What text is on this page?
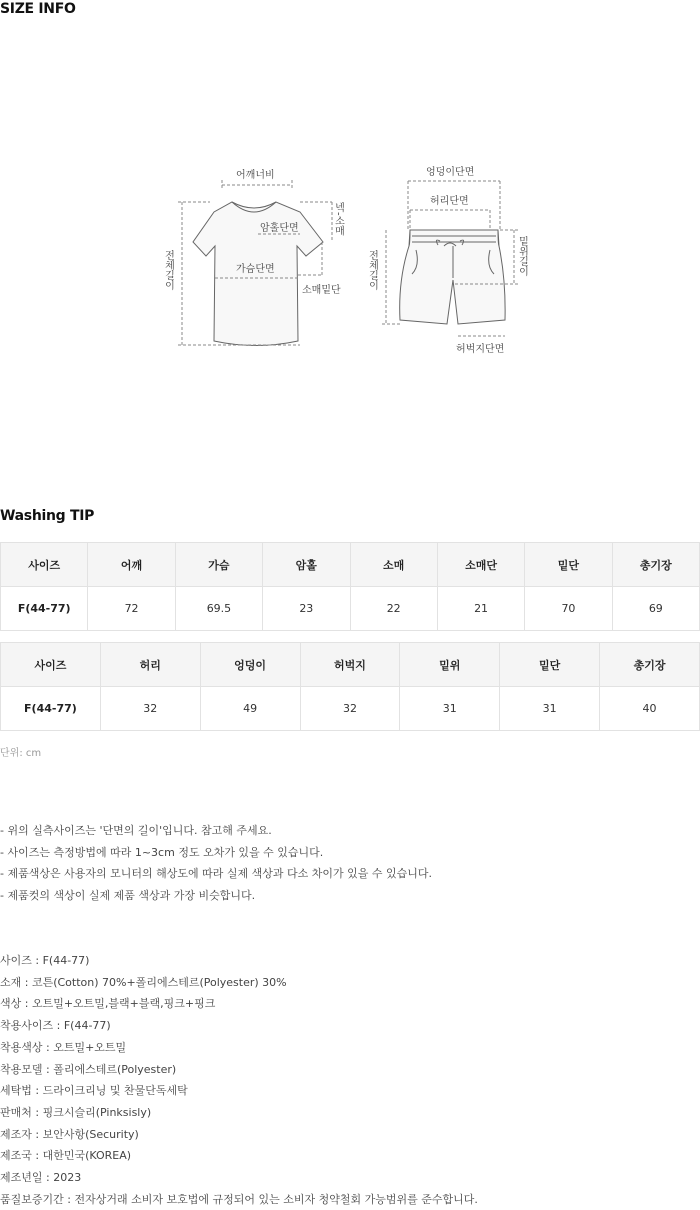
SIZE INFO
어깨너비
암홀단면	넥-소매
가슴단면
전체길이
소매밑단
엉덩이단면
허리단면
전체길이	밑위길이
허벅지단면
Washing TIP
사이즈	어깨	가슴	암홀	소매	소매단	밑단	총기장
F(44-77)	72	69.5	23	22	21	70	69
사이즈	허리	엉덩이	허벅지	밑위	밑단	총기장
F(44-77)	32	49	32	31	31	40
단위: cm
- 위의 실측사이즈는 '단면의 길이'입니다. 참고해 주세요.
- 사이즈는 측정방법에 따라 1~3cm 정도 오차가 있을 수 있습니다.
- 제품색상은 사용자의 모니터의 해상도에 따라 실제 색상과 다소 차이가 있을 수 있습니다.
- 제품컷의 색상이 실제 제품 색상과 가장 비슷합니다.
사이즈 : F(44-77)
소재 : 코튼(Cotton) 70%+폴리에스테르(Polyester) 30%
색상 : 오트밀+오트밀,블랙+블랙,핑크+핑크
착용사이즈 : F(44-77)
착용색상 : 오트밀+오트밀
착용모델 : 폴리에스테르(Polyester)
세탁법 : 드라이크리닝 및 찬물단독세탁
판매처 : 핑크시슬리(Pinksisly)
제조자 : 보안사항(Security)
제조국 : 대한민국(KOREA)
제조년일 : 2023
품질보증기간 : 전자상거래 소비자 보호법에 규정되어 있는 소비자 청약철회 가능범위를 준수합니다.
